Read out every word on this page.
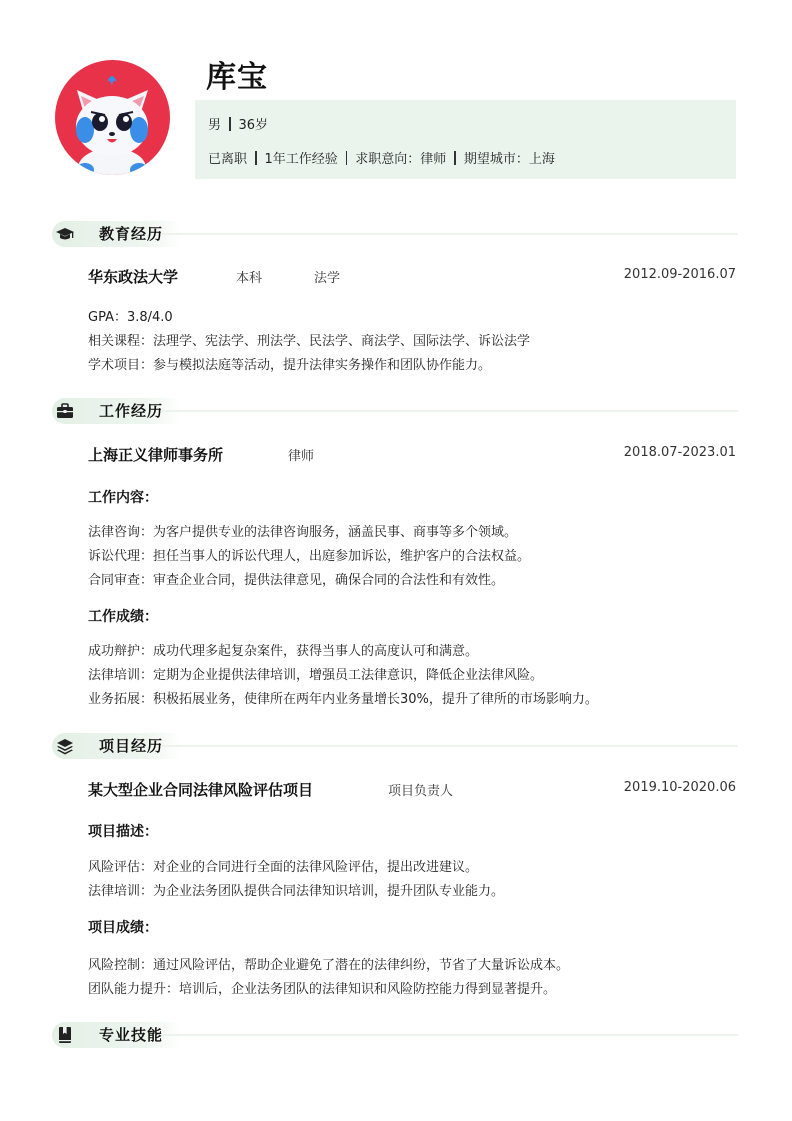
库宝
男 36岁
已离职 1年工作经验 求职意向：律师 期望城市：上海
教育经历
华东政法大学	本科	法学	2012.09-2016.07
GPA：3.8/4.0
相关课程：法理学、宪法学、刑法学、民法学、商法学、国际法学、诉讼法学
学术项目：参与模拟法庭等活动，提升法律实务操作和团队协作能力。
工作经历
上海正义律师事务所	律师	2018.07-2023.01
工作内容：
法律咨询：为客户提供专业的法律咨询服务，涵盖民事、商事等多个领域。
诉讼代理：担任当事人的诉讼代理人，出庭参加诉讼，维护客户的合法权益。
合同审查：审查企业合同，提供法律意见，确保合同的合法性和有效性。
工作成绩：
成功辩护：成功代理多起复杂案件，获得当事人的高度认可和满意。
法律培训：定期为企业提供法律培训，增强员工法律意识，降低企业法律风险。
业务拓展：积极拓展业务，使律所在两年内业务量增长30%，提升了律所的市场影响力。
项目经历
某大型企业合同法律风险评估项目	项目负责人	2019.10-2020.06
项目描述：
风险评估：对企业的合同进行全面的法律风险评估，提出改进建议。
法律培训：为企业法务团队提供合同法律知识培训，提升团队专业能力。
项目成绩：
风险控制：通过风险评估，帮助企业避免了潜在的法律纠纷，节省了大量诉讼成本。
团队能力提升：培训后，企业法务团队的法律知识和风险防控能力得到显著提升。
专业技能
